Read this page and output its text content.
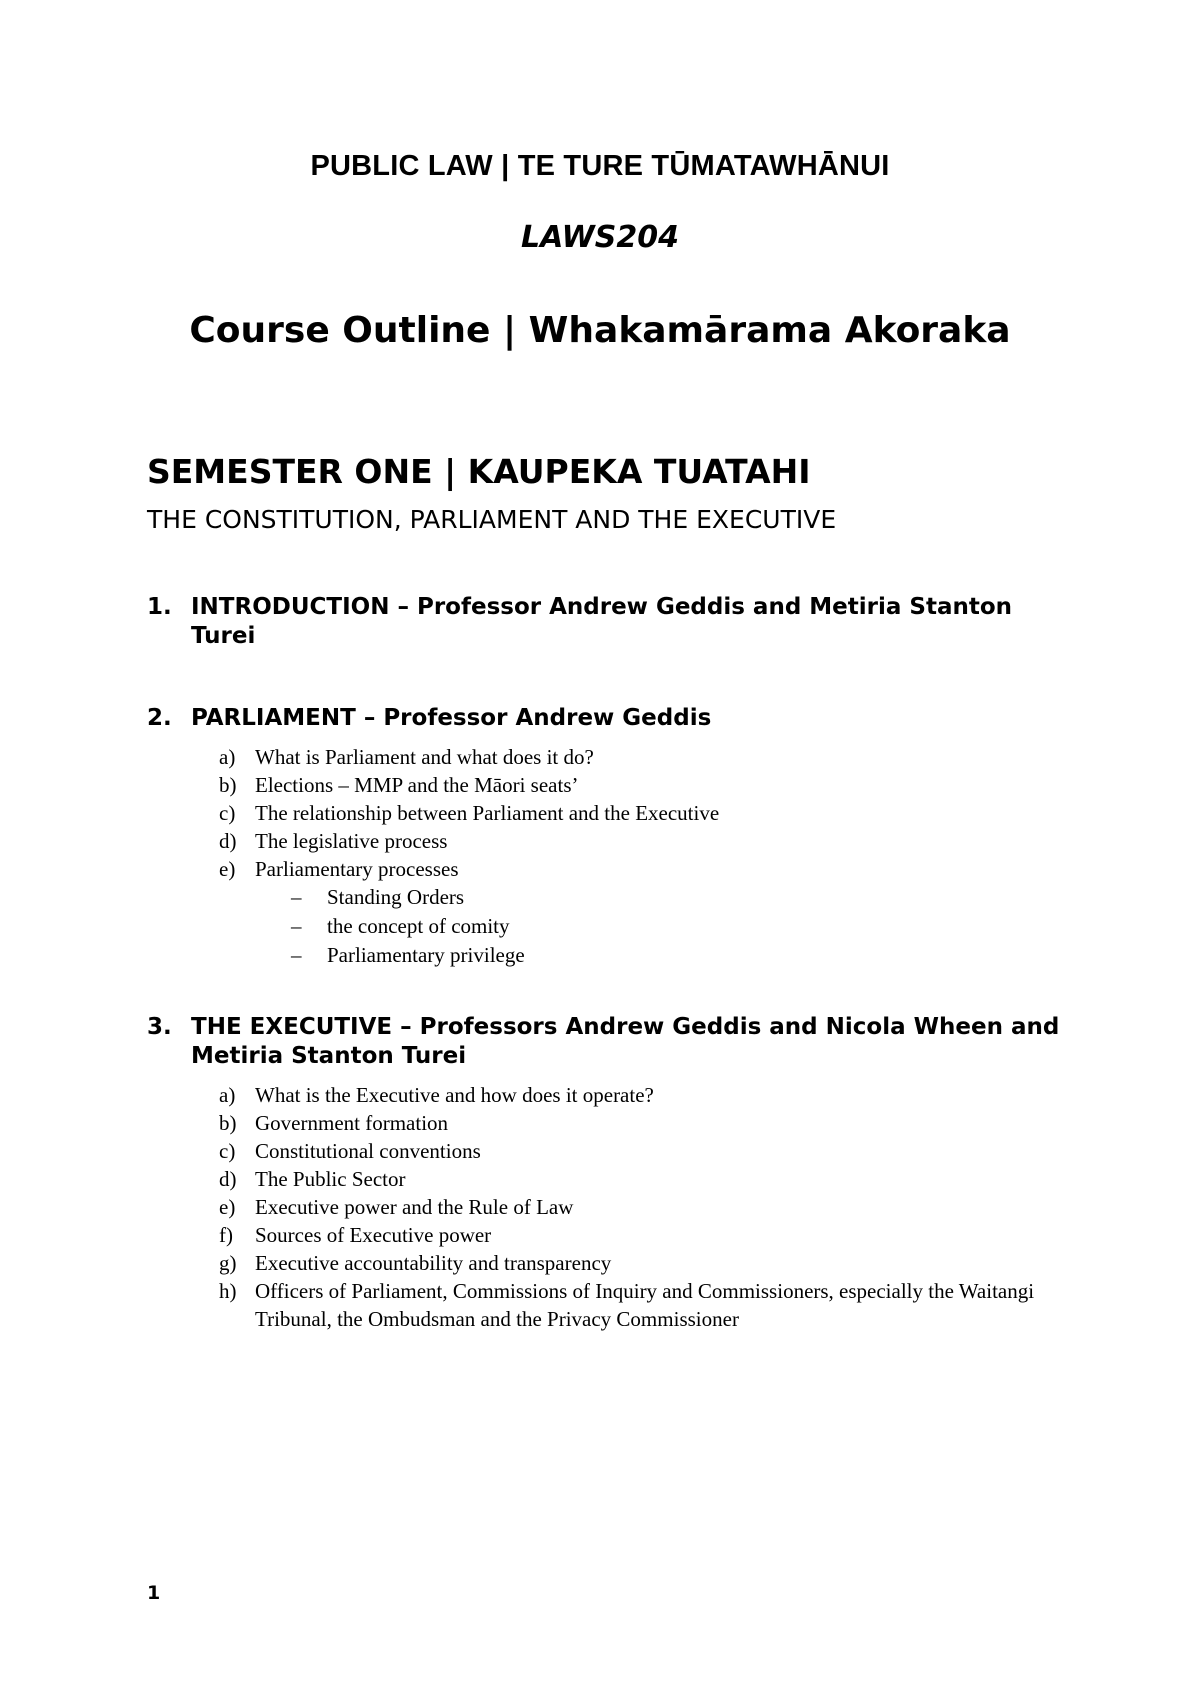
PUBLIC LAW | TE TURE TŪMATAWHĀNUI
LAWS204
Course Outline | Whakamārama Akoraka
SEMESTER ONE | KAUPEKA TUATAHI
THE CONSTITUTION, PARLIAMENT AND THE EXECUTIVE
1. INTRODUCTION – Professor Andrew Geddis and Metiria Stanton Turei
2. PARLIAMENT – Professor Andrew Geddis
a) What is Parliament and what does it do?
b) Elections – MMP and the Māori seats’
c) The relationship between Parliament and the Executive
d) The legislative process
e) Parliamentary processes
–	Standing Orders
–	the concept of comity
–	Parliamentary privilege
3. THE EXECUTIVE – Professors Andrew Geddis and Nicola Wheen and Metiria Stanton Turei
a) What is the Executive and how does it operate?
b) Government formation
c) Constitutional conventions
d) The Public Sector
e) Executive power and the Rule of Law
f)	Sources of Executive power
g) Executive accountability and transparency
h) Officers of Parliament, Commissions of Inquiry and Commissioners, especially the Waitangi Tribunal, the Ombudsman and the Privacy Commissioner
1
